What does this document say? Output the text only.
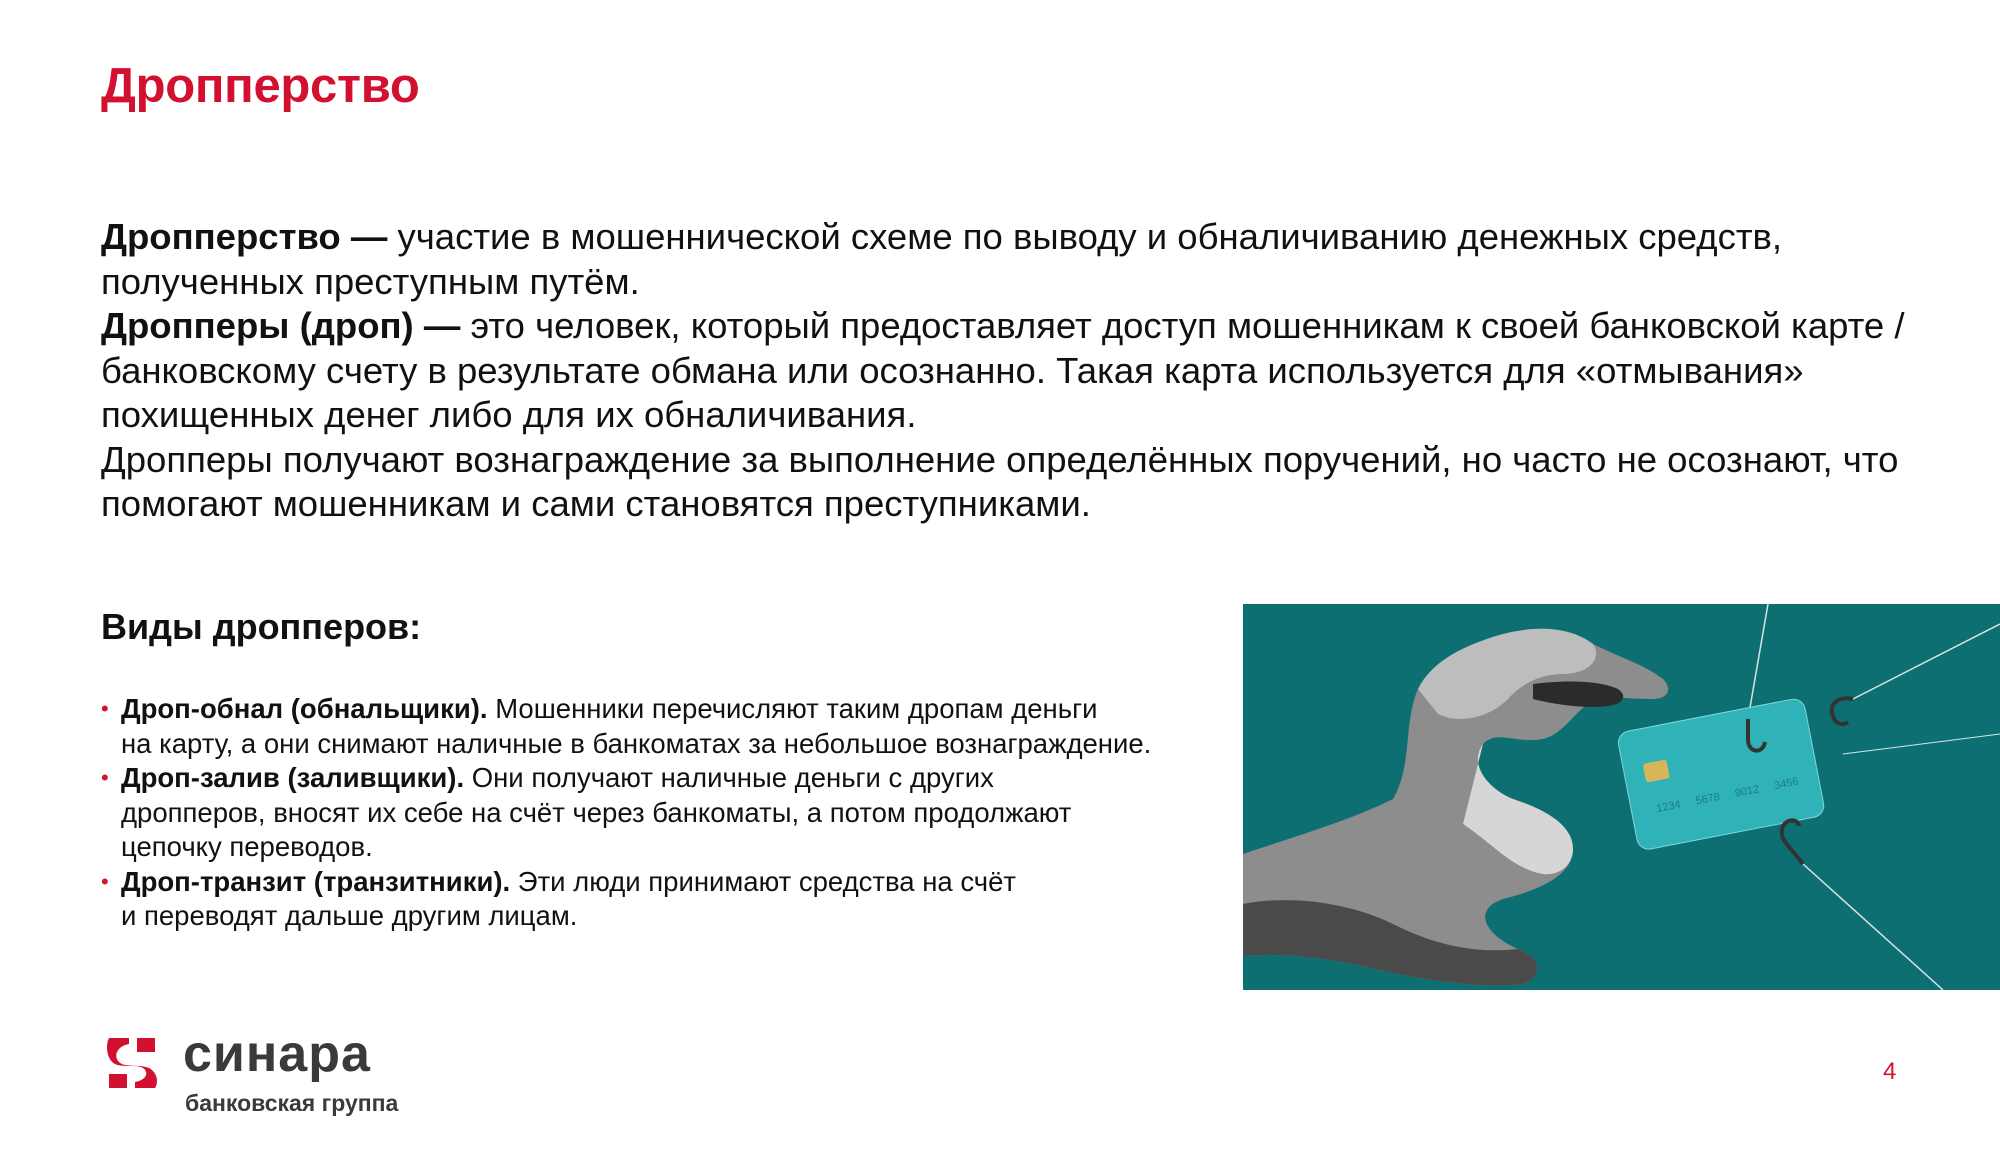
Дропперство

Дропперство — участие в мошеннической схеме по выводу и обналичиванию денежных средств, полученных преступным путём.

Дропперы (дроп) — это человек, который предоставляет доступ мошенникам к своей банковской карте / банковскому счету в результате обмана или осознанно. Такая карта используется для «отмывания» похищенных денег либо для их обналичивания.

Дропперы получают вознаграждение за выполнение определённых поручений, но часто не осознают, что помогают мошенникам и сами становятся преступниками.

Виды дропперов:
• Дроп-обнал (обнальщики). Мошенники перечисляют таким дропам деньги
на карту, а они снимают наличные в банкоматах за небольшое вознаграждение.
• Дроп-залив (заливщики). Они получают наличные деньги с других
дропперов, вносят их себе на счёт через банкоматы, а потом продолжают
цепочку переводов.
• Дроп-транзит (транзитники). Эти люди принимают средства на счёт
и переводят дальше другим лицам.
1234 5678 9012 3456
синара
банковская группа
4
